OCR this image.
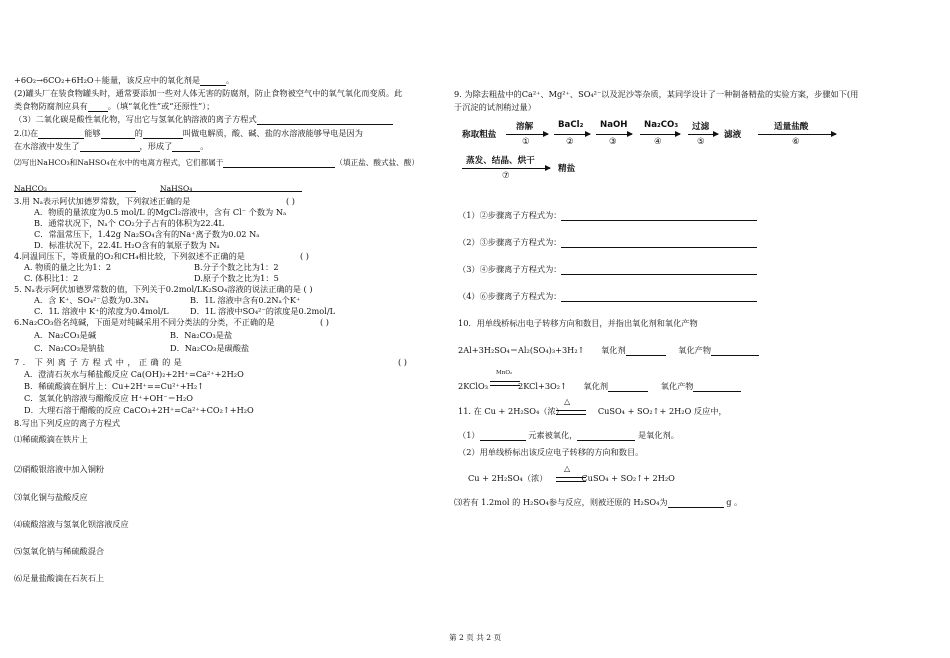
+6O₂→6CO₂+6H₂O＋能量，该反应中的氧化剂是	。
(2)罐头厂在装食物罐头时，通常要添加一些对人体无害的防腐剂，防止食物被空气中的氧气氧化而变质。此
类食物防腐剂应具有 。（填“氧化性”或“还原性”）；
（3）二氧化碳是酸性氧化物，写出它与氢氧化钠溶液的离子方程式
2.⑴在	能够	的	叫做电解质，酸、碱、盐的水溶液能够导电是因为
在水溶液中发生了	，形成了	。
⑵写出NaHCO₃和NaHSO₄在水中的电离方程式，它们都属于	（填正盐、酸式盐、酸）
NaHCO₃	NaHSO₄
3.用 Nₐ表示阿伏加德罗常数，下列叙述正确的是	( )
A．物质的量浓度为0.5 mol/L 的MgCl₂溶液中，含有 Cl⁻ 个数为 Nₐ
B．通常状况下，Nₐ个 CO₂分子占有的体积为22.4L
C．常温常压下，1.42g Na₂SO₄含有的Na⁺离子数为0.02 Nₐ
D．标准状况下，22.4L H₂O含有的氧原子数为 Nₐ
4.同温同压下，等质量的O₂和CH₄相比较，下列叙述不正确的是	( )
A. 物质的量之比为1：2	B.分子个数之比为1：2
C. 体积比1：2	D.原子个数之比为1：5
5. Nₐ表示阿伏加德罗常数的值，下列关于0.2mol/LK₂SO₄溶液的说法正确的是 ( )
A．含 K⁺、SO₄²⁻总数为0.3Nₐ	B．1L 溶液中含有0.2Nₐ个K⁺
C．1L 溶液中 K⁺的浓度为0.4mol/L	D．1L 溶液中SO₄²⁻的浓度是0.2mol/L
6.Na₂CO₃俗名纯碱，下面是对纯碱采用不同分类法的分类，不正确的是	( )
A．Na₂CO₃是碱	B．Na₂CO₃是盐
C．Na₂CO₃是钠盐	D．Na₂CO₃是碳酸盐
7. 下列离子方程式中，正确的是	( )
A．澄清石灰水与稀盐酸反应 Ca(OH)₂+2H⁺=Ca²⁺+2H₂O
B．稀硫酸滴在铜片上：Cu+2H⁺==Cu²⁺+H₂↑
C．氢氧化钠溶液与醋酸反应 H⁺+OH⁻＝H₂O
D．大理石溶于醋酸的反应 CaCO₃+2H⁺=Ca²⁺+CO₂↑+H₂O
8.写出下列反应的离子方程式
⑴稀硫酸滴在铁片上
⑵硝酸银溶液中加入铜粉
⑶氧化铜与盐酸反应
⑷硫酸溶液与氢氧化钡溶液反应
⑸氢氧化钠与稀硫酸混合
⑹足量盐酸滴在石灰石上
9. 为除去粗盐中的Ca²⁺、Mg²⁺、SO₄²⁻以及泥沙等杂质，某同学设计了一种制备精盐的实验方案，步骤如下(用
于沉淀的试剂稍过量）
称取粗盐
溶解
①
BaCl₂
②
NaOH
③
Na₂CO₃
④
过滤
⑤
滤液
适量盐酸
⑥
蒸发、结晶、烘干
⑦
精盐
（1）②步骤离子方程式为：
（2）③步骤离子方程式为：
（3）④步骤离子方程式为：
（4）⑥步骤离子方程式为：
10．用单线桥标出电子转移方向和数目，并指出氧化剂和氧化产物
2Al+3H₂SO₄＝Al₂(SO₄)₃+3H₂↑ 氧化剂	氧化产物
2KClO₃	2KCl+3O₂↑ 氧化剂	氧化产物
MnO₂
11. 在 Cu + 2H₂SO₄（浓）	CuSO₄ + SO₂↑+ 2H₂O 反应中，
△
（1）	元素被氧化，	是氧化剂。
（2）用单线桥标出该反应电子转移的方向和数目。
Cu + 2H₂SO₄（浓）	CuSO₄ + SO₂↑+ 2H₂O
△
⑶若有 1.2mol 的 H₂SO₄参与反应，则被还原的 H₂SO₄为	g 。
第 2 页 共 2 页
